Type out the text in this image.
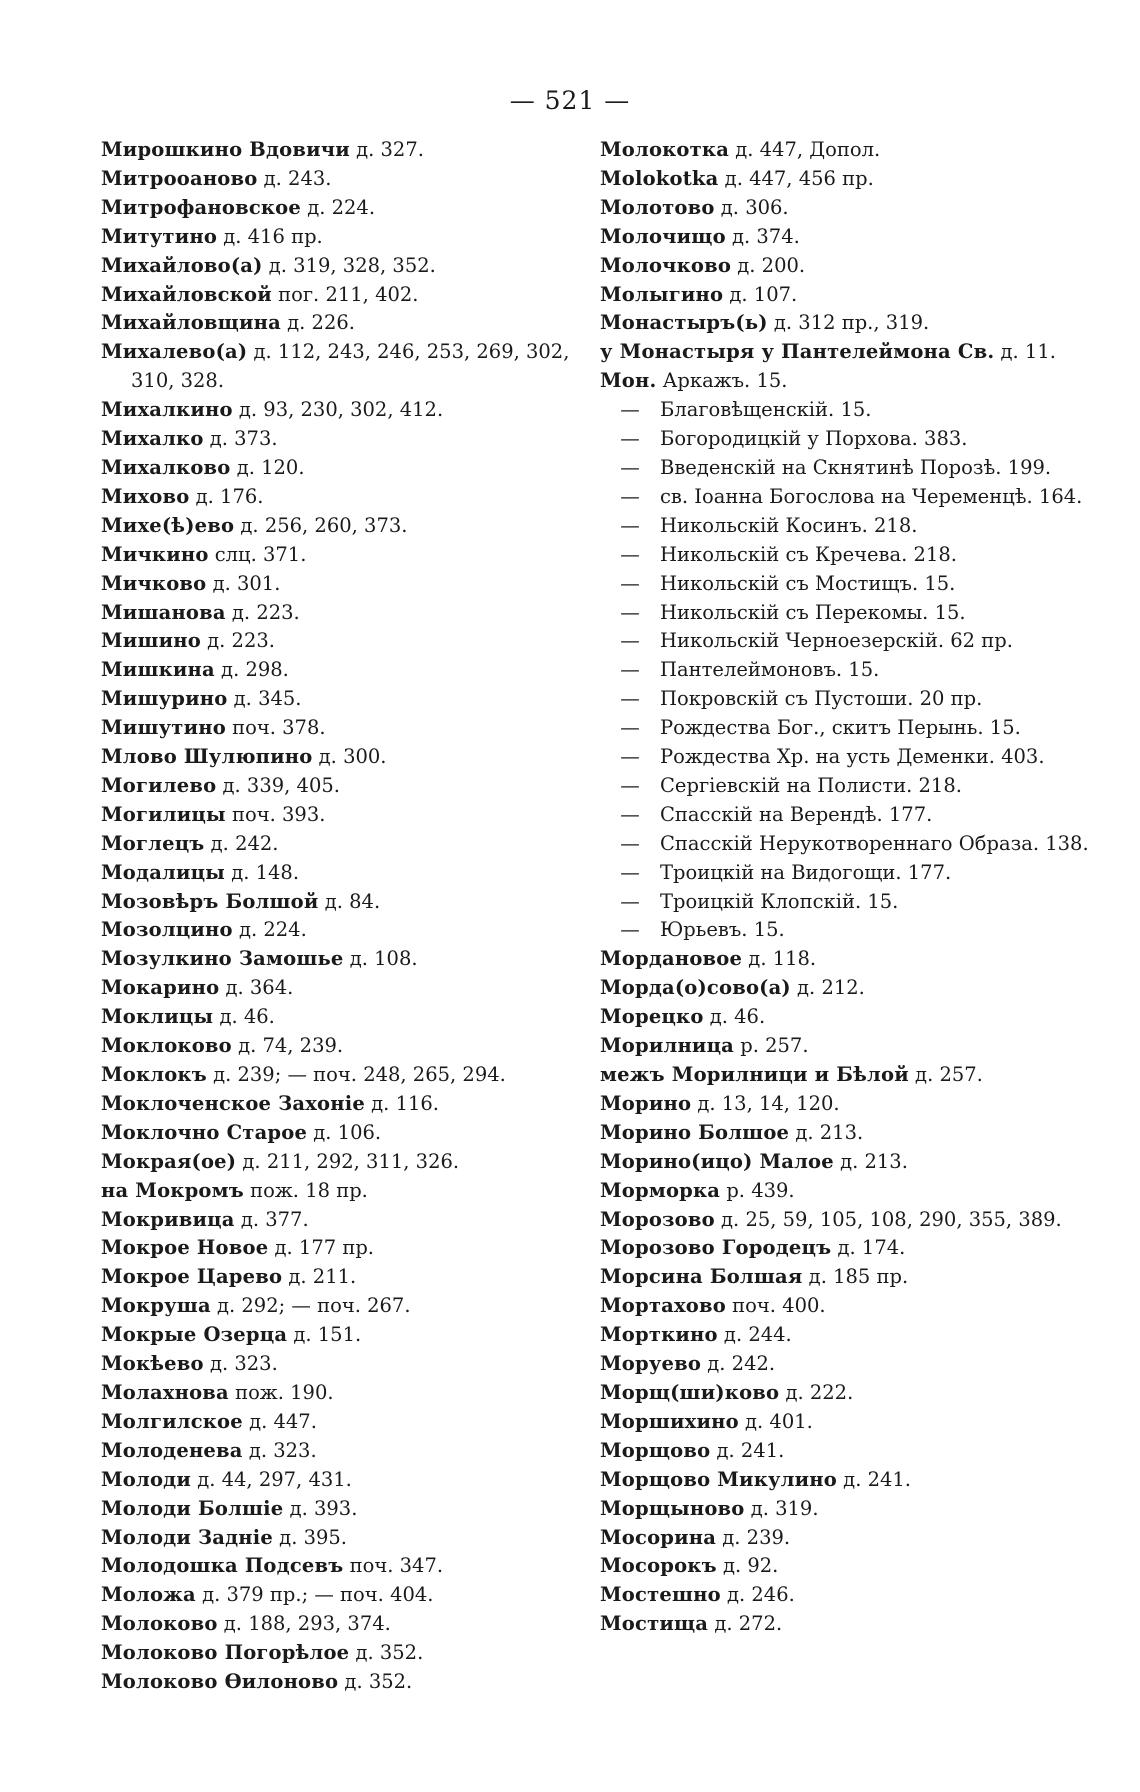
— 521 —
Мирошкино Вдовичи д. 327.
Митрооаново д. 243.
Митрофановское д. 224.
Митутино д. 416 пр.
Михайлово(а) д. 319, 328, 352.
Михайловской пог. 211, 402.
Михайловщина д. 226.
Михалево(а) д. 112, 243, 246, 253, 269, 302, 310, 328.
Михалкино д. 93, 230, 302, 412.
Михалко д. 373.
Михалково д. 120.
Михово д. 176.
Михе(ѣ)ево д. 256, 260, 373.
Мичкино слц. 371.
Мичково д. 301.
Мишанова д. 223.
Мишино д. 223.
Мишкина д. 298.
Мишурино д. 345.
Мишутино поч. 378.
Млово Шулюпино д. 300.
Могилево д. 339, 405.
Могилицы поч. 393.
Моглецъ д. 242.
Модалицы д. 148.
Мозовѣръ Болшой д. 84.
Мозолцино д. 224.
Мозулкино Замошье д. 108.
Мокарино д. 364.
Моклицы д. 46.
Моклоково д. 74, 239.
Моклокъ д. 239; — поч. 248, 265, 294.
Моклоченское Захоніе д. 116.
Моклочно Старое д. 106.
Мокрая(ое) д. 211, 292, 311, 326.
на Мокромъ пож. 18 пр.
Мокривица д. 377.
Мокрое Новое д. 177 пр.
Мокрое Царево д. 211.
Мокруша д. 292; — поч. 267.
Мокрые Озерца д. 151.
Мокѣево д. 323.
Молахнова пож. 190.
Молгилское д. 447.
Молоденева д. 323.
Молоди д. 44, 297, 431.
Молоди Болшіе д. 393.
Молоди Задніе д. 395.
Молодошка Подсевъ поч. 347.
Моложа д. 379 пр.; — поч. 404.
Молоково д. 188, 293, 374.
Молоково Погорѣлое д. 352.
Молоково Ѳилоново д. 352.
Молокотка д. 447, Допол.
Molokotka д. 447, 456 пр.
Молотово д. 306.
Молочищо д. 374.
Молочково д. 200.
Молыгино д. 107.
Монастыръ(ь) д. 312 пр., 319.
у Монастыря у Пантелеймона Св. д. 11.
Мон. Аркажъ. 15.
—	Благовѣщенскій. 15.
—	Богородицкій у Порхова. 383.
—	Введенскій на Скнятинѣ Порозѣ. 199.
—	св. Іоанна Богослова на Череменцѣ. 164.
—	Никольскій Косинъ. 218.
—	Никольскій съ Кречева. 218.
—	Никольскій съ Мостищъ. 15.
—	Никольскій съ Перекомы. 15.
—	Никольскій Черноезерскій. 62 пр.
—	Пантелеймоновъ. 15.
—	Покровскій съ Пустоши. 20 пр.
—	Рождества Бог., скитъ Перынь. 15.
—	Рождества Хр. на усть Деменки. 403.
—	Сергіевскій на Полисти. 218.
—	Спасскій на Верендѣ. 177.
—	Спасскій Нерукотвореннаго Образа. 138.
—	Троицкій на Видогощи. 177.
—	Троицкій Клопскій. 15.
—	Юрьевъ. 15.
Мордановое д. 118.
Морда(о)сово(а) д. 212.
Морецко д. 46.
Морилница р. 257.
межъ Морилници и Бѣлой д. 257.
Морино д. 13, 14, 120.
Морино Болшое д. 213.
Морино(ицо) Малое д. 213.
Морморка р. 439.
Морозово д. 25, 59, 105, 108, 290, 355, 389.
Морозово Городецъ д. 174.
Морсина Болшая д. 185 пр.
Мортахово поч. 400.
Морткино д. 244.
Моруево д. 242.
Морщ(ши)ково д. 222.
Моршихино д. 401.
Морщово д. 241.
Морщово Микулино д. 241.
Морщыново д. 319.
Мосорина д. 239.
Мосорокъ д. 92.
Мостешно д. 246.
Мостища д. 272.
